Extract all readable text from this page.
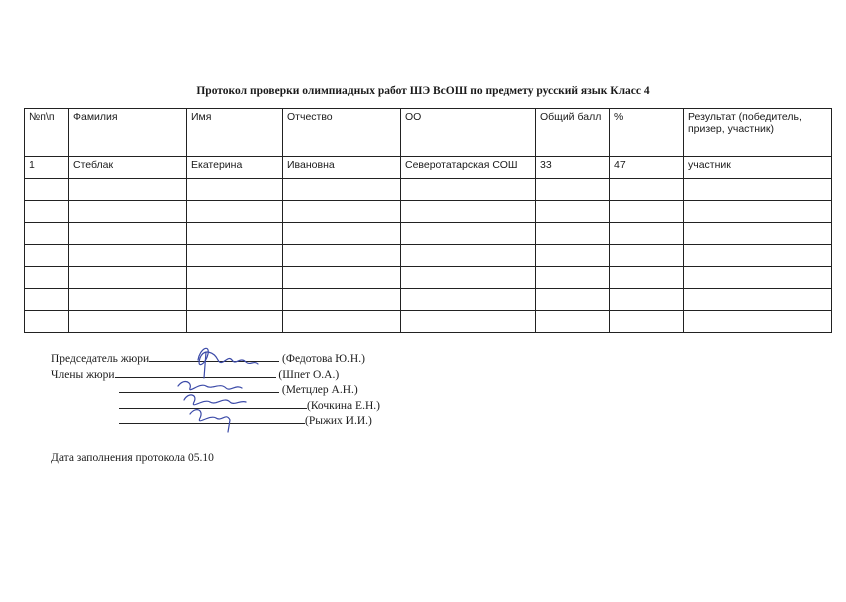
Протокол проверки олимпиадных работ ШЭ ВсОШ по предмету русский язык Класс 4
№п\п	Фамилия	Имя	Отчество	ОО	Общий балл	%	Результат (победитель, призер, участник)
1	Стеблак	Екатерина	Ивановна	Северотатарская СОШ	33	47	участник

Председатель жюри	(Федотова Ю.Н.)
Члены жюри	(Шпет О.А.)
(Метцлер А.Н.)
(Кочкина Е.Н.)
(Рыжих И.И.)
Дата заполнения протокола 05.10
